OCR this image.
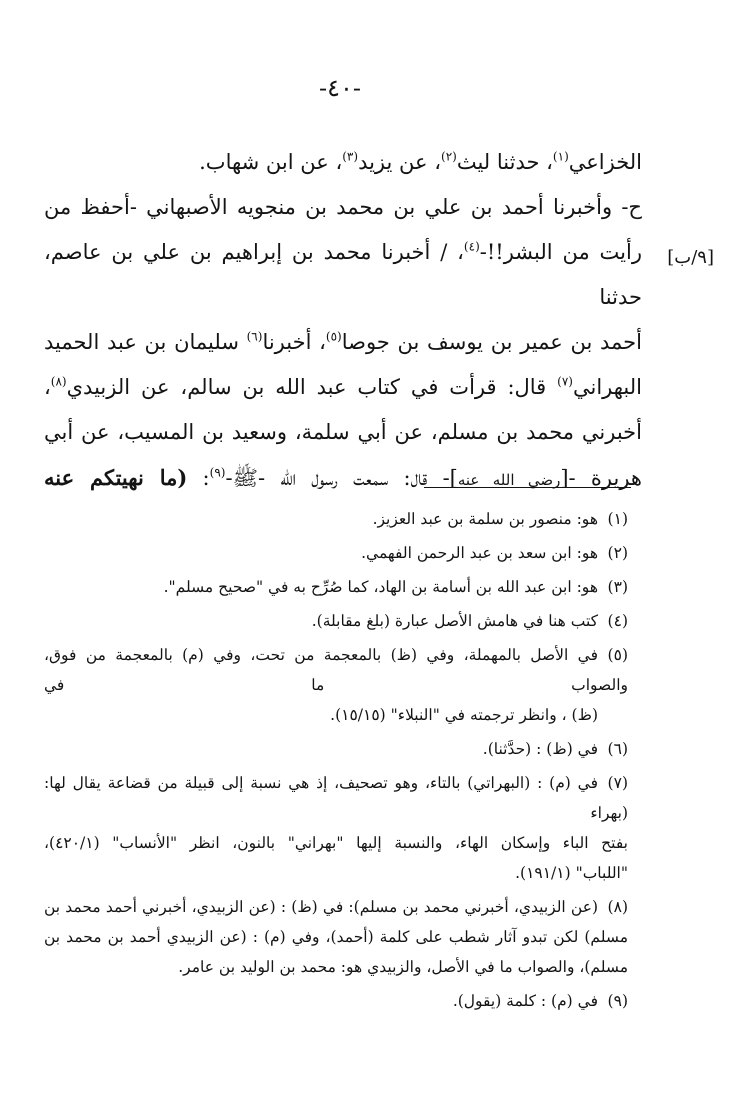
-٤٠-
[٩/ب]

الخزاعي$^{(١)}$، حدثنا ليث$^{(٢)}$، عن يزيد$^{(٣)}$، عن ابن شهاب.

ح- وأخبرنا أحمد بن علي بن محمد بن منجويه الأصبهاني -أحفظ من

رأيت من البشر!!-$^{(٤)}$، / أخبرنا محمد بن إبراهيم بن علي بن عاصم، حدثنا

أحمد بن عمير بن يوسف بن جوصا$^{(٥)}$، أخبرنا$^{(٦)}$ سليمان بن عبد الحميد

البهراني$^{(٧)}$ قال: قرأت في كتاب عبد الله بن سالم، عن الزبيدي$^{(٨)}$،

أخبرني محمد بن مسلم، عن أبي سلمة، وسعيد بن المسيب، عن أبي

هريرة -[رضي الله عنه]- قال: سمعت رسول الله -ﷺ-$^{(٩)}$: (ما نهيتكم عنه

(١)هو: منصور بن سلمة بن عبد العزيز.
(٢)هو: ابن سعد بن عبد الرحمن الفهمي.
(٣)هو: ابن عبد الله بن أسامة بن الهاد، كما صُرِّح به في "صحيح مسلم".
(٤)كتب هنا في هامش الأصل عبارة (بلغ مقابلة).
(٥)في الأصل بالمهملة، وفي (ظ) بالمعجمة من تحت، وفي (م) بالمعجمة من فوق، والصواب ما في
(ظ) ، وانظر ترجمته في "النبلاء" (١٥/١٥).
(٦)في (ظ) : (حدَّثنا).
(٧)في (م) : (البهراتي) بالتاء، وهو تصحيف، إذ هي نسبة إلى قبيلة من قضاعة يقال لها: (بهراء
بفتح الباء وإسكان الهاء، والنسبة إليها "بهراني" بالنون، انظر "الأنساب" (٤٢٠/١)،
"اللباب" (١٩١/١).
(٨)(عن الزبيدي، أخبرني محمد بن مسلم): في (ظ) : (عن الزبيدي، أخبرني أحمد محمد بن
مسلم) لكن تبدو آثار شطب على كلمة (أحمد)، وفي (م) : (عن الزبيدي أحمد بن محمد بن
مسلم)، والصواب ما في الأصل، والزبيدي هو: محمد بن الوليد بن عامر.
(٩)في (م) : كلمة (يقول).
